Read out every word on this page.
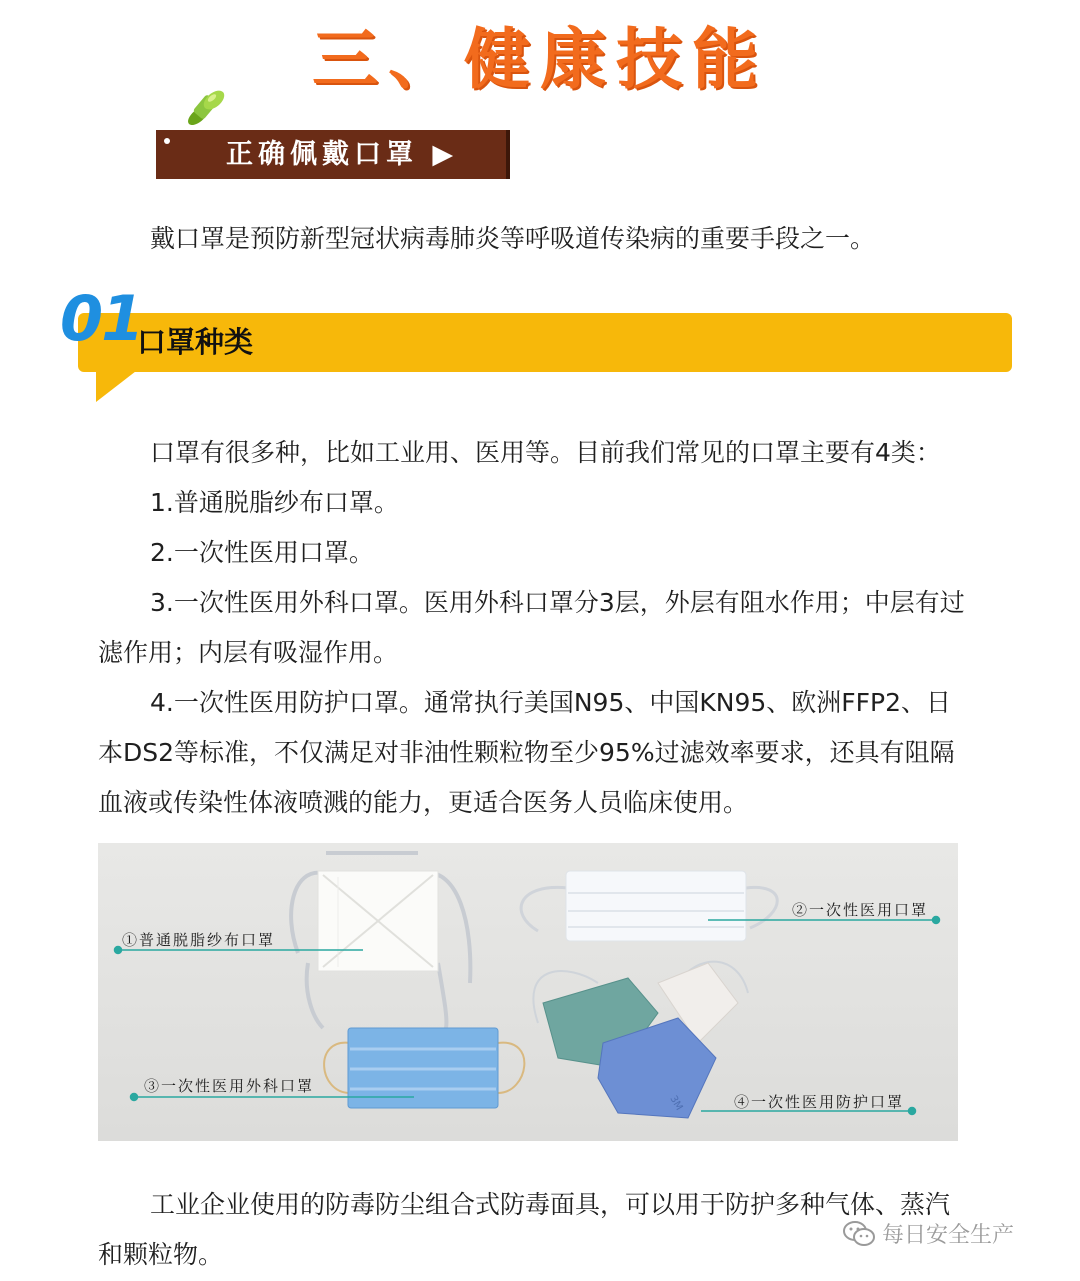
三、健康技能
正确佩戴口罩 ▶
戴口罩是预防新型冠状病毒肺炎等呼吸道传染病的重要手段之一。
01
口罩种类

口罩有很多种，比如工业用、医用等。目前我们常见的口罩主要有4类：

1.普通脱脂纱布口罩。

2.一次性医用口罩。

3.一次性医用外科口罩。医用外科口罩分3层，外层有阻水作用；中层有过滤作用；内层有吸湿作用。

4.一次性医用防护口罩。通常执行美国N95、中国KN95、欧洲FFP2、日本DS2等标准，不仅满足对非油性颗粒物至少95%过滤效率要求，还具有阻隔血液或传染性体液喷溅的能力，更适合医务人员临床使用。

3M
①普通脱脂纱布口罩
②一次性医用口罩
③一次性医用外科口罩
④一次性医用防护口罩
工业企业使用的防毒防尘组合式防毒面具，可以用于防护多种气体、蒸汽和颗粒物。
每日安全生产
